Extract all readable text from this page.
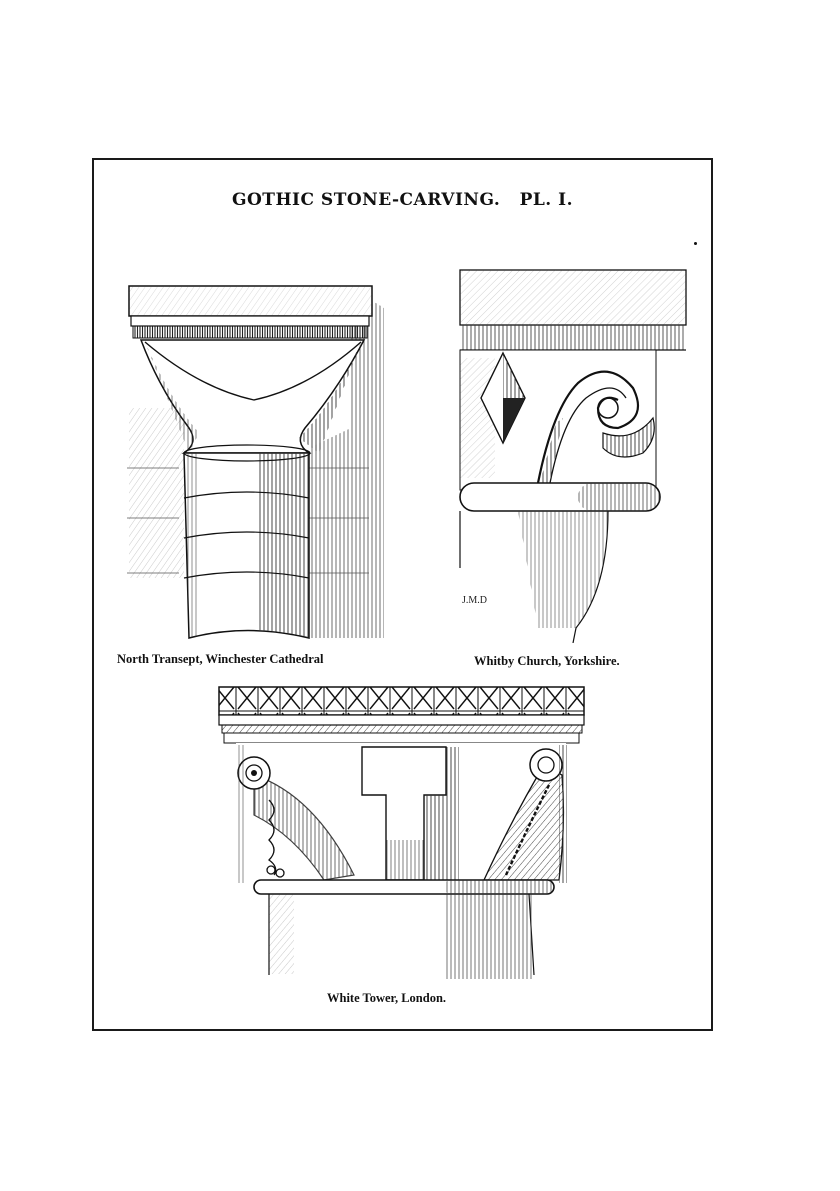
GOTHIC STONE-CARVING. PL. I.
North Transept, Winchester Cathedral
J.M.D
Whitby Church, Yorkshire.
White Tower, London.
